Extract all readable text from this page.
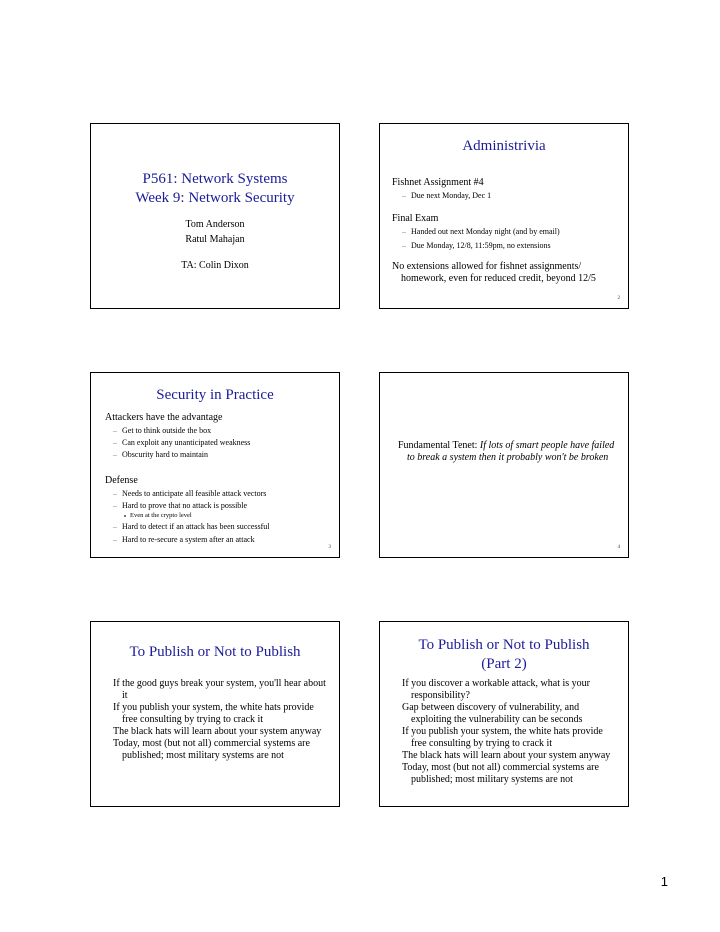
P561: Network Systems
Week 9: Network Security
Tom Anderson
Ratul Mahajan
TA: Colin Dixon
Administrivia
Fishnet Assignment #4
– Due next Monday, Dec 1
Final Exam
– Handed out next Monday night (and by email)
– Due Monday, 12/8, 11:59pm, no extensions
No extensions allowed for fishnet assignments/ homework, even for reduced credit, beyond 12/5
2
Security in Practice
Attackers have the advantage
– Get to think outside the box
– Can exploit any unanticipated weakness
– Obscurity hard to maintain
Defense
– Needs to anticipate all feasible attack vectors
– Hard to prove that no attack is possible
Even at the crypto level
– Hard to detect if an attack has been successful
– Hard to re-secure a system after an attack
3
Fundamental Tenet: If lots of smart people have failed to break a system then it probably won't be broken
4
To Publish or Not to Publish
If the good guys break your system, you'll hear about it
If you publish your system, the white hats provide free consulting by trying to crack it
The black hats will learn about your system anyway
Today, most (but not all) commercial systems are published; most military systems are not
To Publish or Not to Publish
(Part 2)
If you discover a workable attack, what is your responsibility?
Gap between discovery of vulnerability, and exploiting the vulnerability can be seconds
If you publish your system, the white hats provide free consulting by trying to crack it
The black hats will learn about your system anyway
Today, most (but not all) commercial systems are published; most military systems are not
1
